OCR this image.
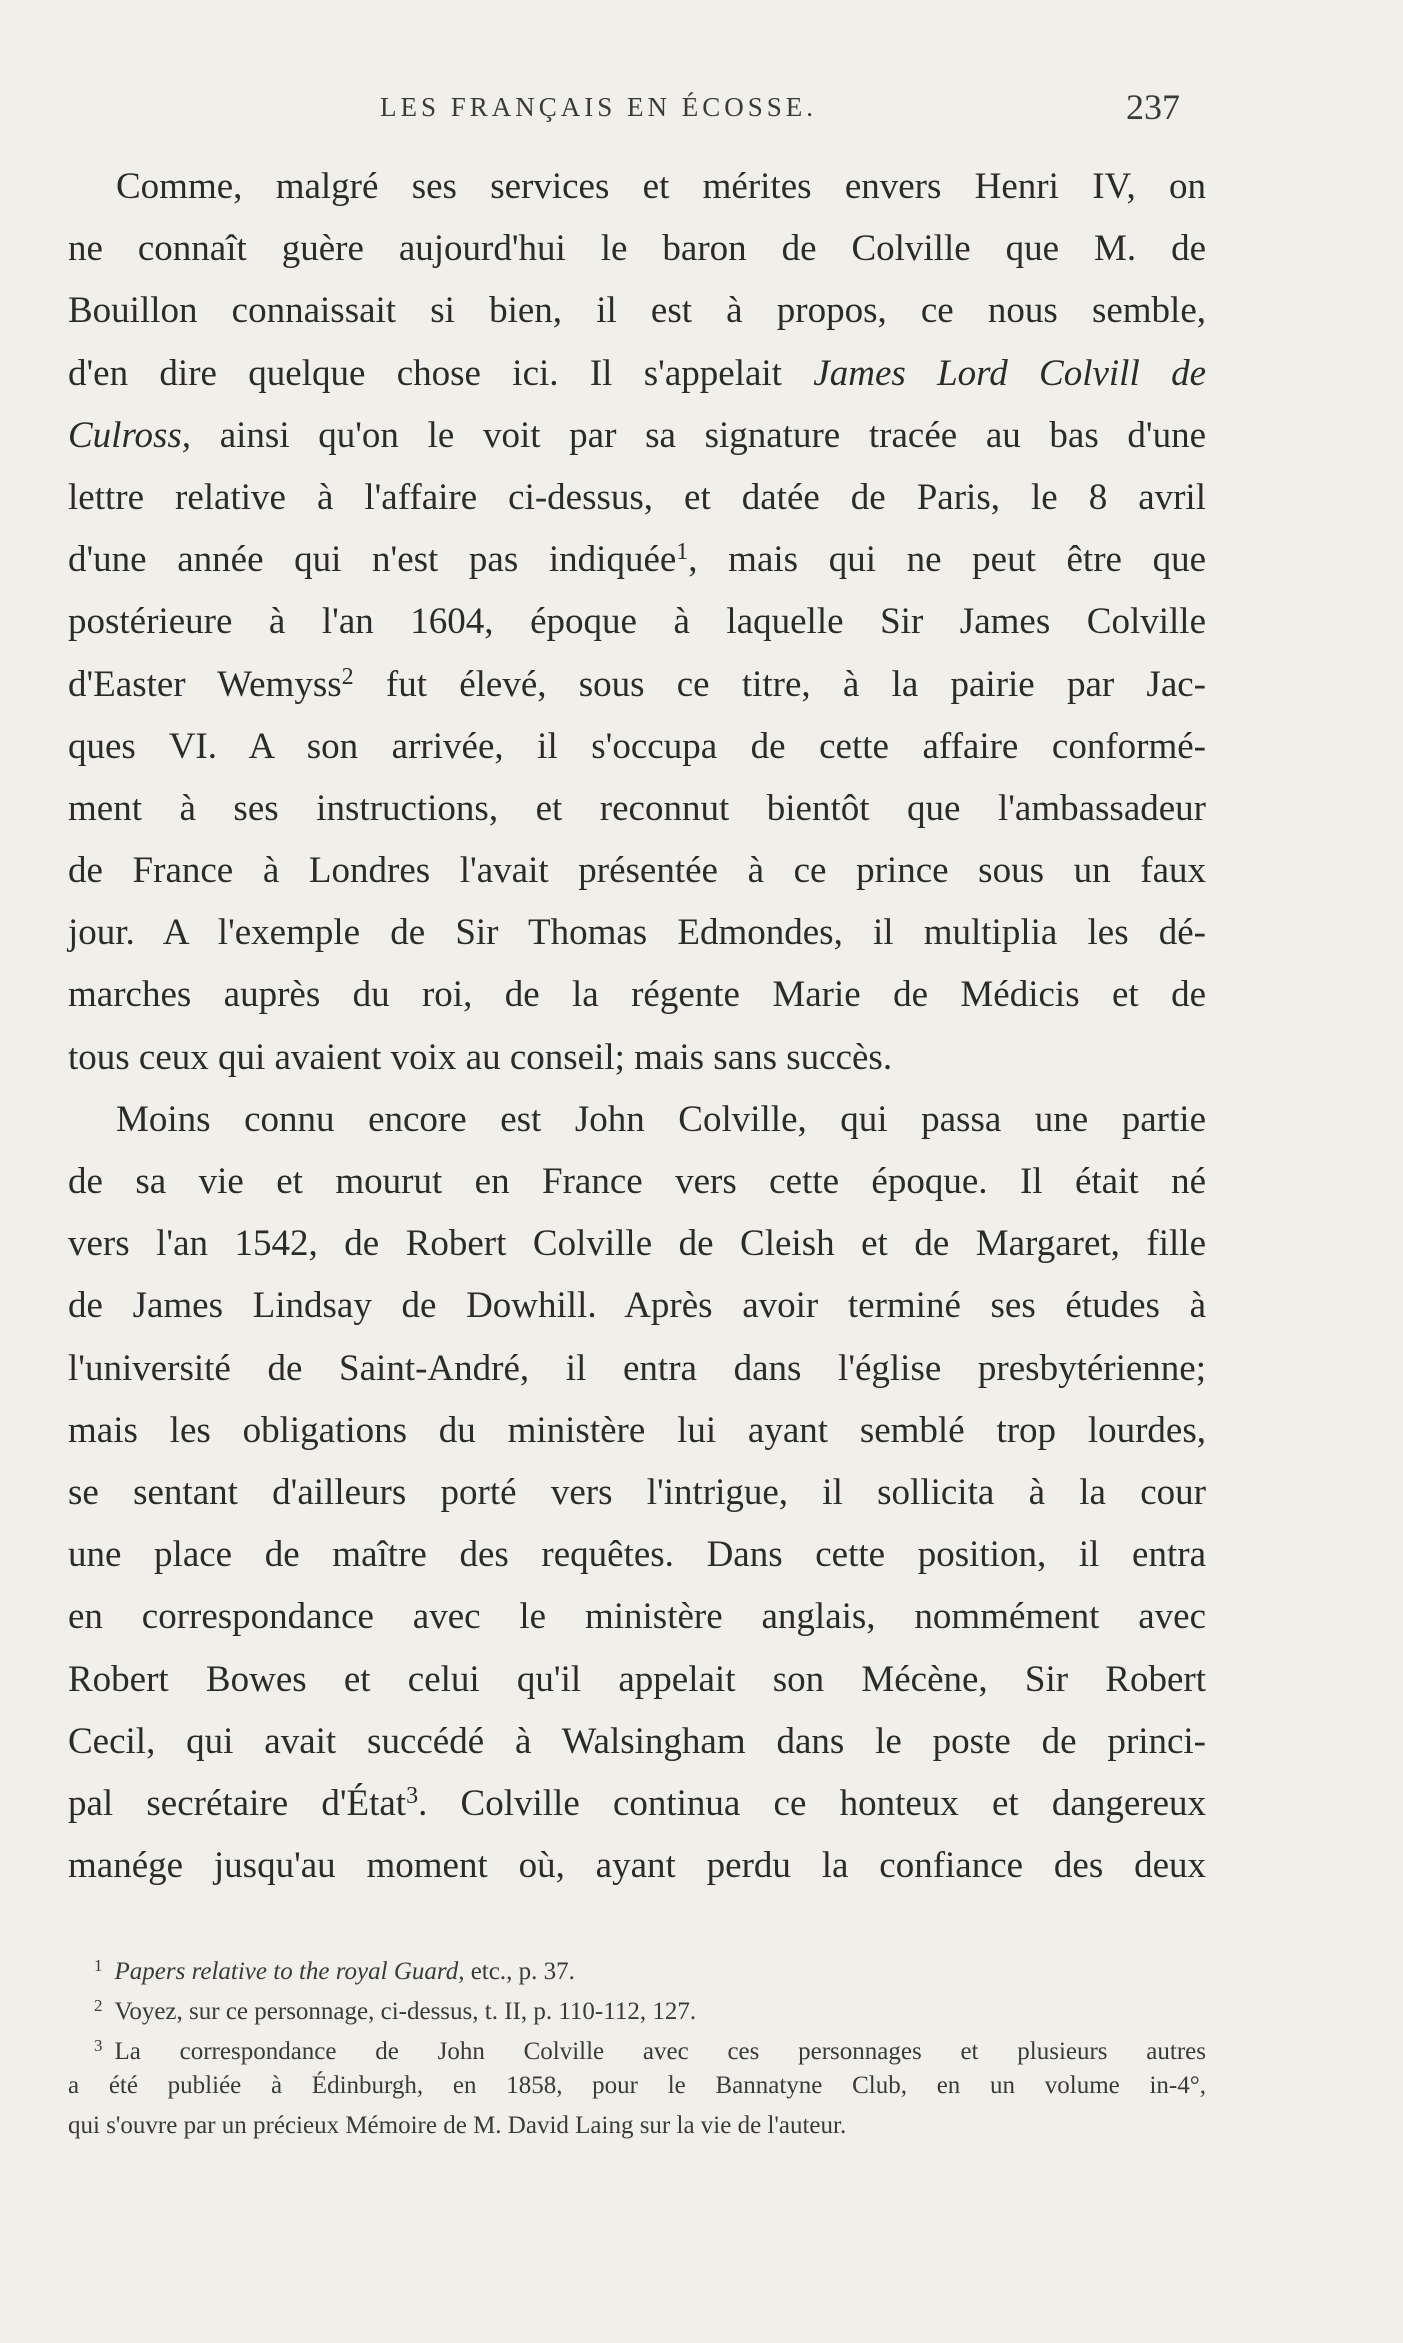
LES FRANÇAIS EN ÉCOSSE.	237
Comme, malgré ses services et mérites envers Henri IV, on
ne connaît guère aujourd'hui le baron de Colville que M. de
Bouillon connaissait si bien, il est à propos, ce nous semble,
d'en dire quelque chose ici. Il s'appelait James Lord Colvill de
Culross, ainsi qu'on le voit par sa signature tracée au bas d'une
lettre relative à l'affaire ci-dessus, et datée de Paris, le 8 avril
d'une année qui n'est pas indiquée$^1$, mais qui ne peut être que
postérieure à l'an 1604, époque à laquelle Sir James Colville
d'Easter Wemyss$^2$ fut élevé, sous ce titre, à la pairie par Jac-
ques VI. A son arrivée, il s'occupa de cette affaire conformé-
ment à ses instructions, et reconnut bientôt que l'ambassadeur
de France à Londres l'avait présentée à ce prince sous un faux
jour. A l'exemple de Sir Thomas Edmondes, il multiplia les dé-
marches auprès du roi, de la régente Marie de Médicis et de
tous ceux qui avaient voix au conseil; mais sans succès.
Moins connu encore est John Colville, qui passa une partie
de sa vie et mourut en France vers cette époque. Il était né
vers l'an 1542, de Robert Colville de Cleish et de Margaret, fille
de James Lindsay de Dowhill. Après avoir terminé ses études à
l'université de Saint-André, il entra dans l'église presbytérienne;
mais les obligations du ministère lui ayant semblé trop lourdes,
se sentant d'ailleurs porté vers l'intrigue, il sollicita à la cour
une place de maître des requêtes. Dans cette position, il entra
en correspondance avec le ministère anglais, nommément avec
Robert Bowes et celui qu'il appelait son Mécène, Sir Robert
Cecil, qui avait succédé à Walsingham dans le poste de princi-
pal secrétaire d'État$^3$. Colville continua ce honteux et dangereux
manége jusqu'au moment où, ayant perdu la confiance des deux
$^1$ Papers relative to the royal Guard, etc., p. 37.
$^2$ Voyez, sur ce personnage, ci-dessus, t. II, p. 110-112, 127.
$^3$ La correspondance de John Colville avec ces personnages et plusieurs autres
a été publiée à Édinburgh, en 1858, pour le Bannatyne Club, en un volume in-4°,
qui s'ouvre par un précieux Mémoire de M. David Laing sur la vie de l'auteur.
